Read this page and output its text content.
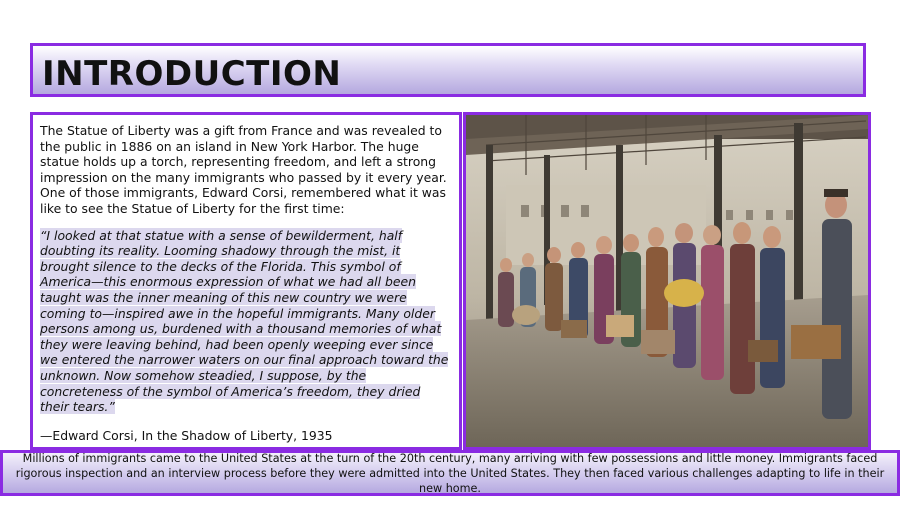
INTRODUCTION

The Statue of Liberty was a gift from France and was revealed to the public in 1886 on an island in New York Harbor. The huge statue holds up a torch, representing freedom, and left a strong impression on the many immigrants who passed by it every year. One of those immigrants, Edward Corsi, remembered what it was like to see the Statue of Liberty for the first time:

“I looked at that statue with a sense of bewilderment, half doubting its reality. Looming shadowy through the mist, it brought silence to the decks of the Florida. This symbol of America—this enormous expression of what we had all been taught was the inner meaning of this new country we were coming to—inspired awe in the hopeful immigrants. Many older persons among us, burdened with a thousand memories of what they were leaving behind, had been openly weeping ever since we entered the narrower waters on our final approach toward the unknown. Now somehow steadied, I suppose, by the concreteness of the symbol of America’s freedom, they dried their tears.”

—Edward Corsi, In the Shadow of Liberty, 1935

Millions of immigrants came to the United States at the turn of the 20th century, many arriving with few possessions and little money. Immigrants faced rigorous inspection and an interview process before they were admitted into the United States. They then faced various challenges adapting to life in their new home.
